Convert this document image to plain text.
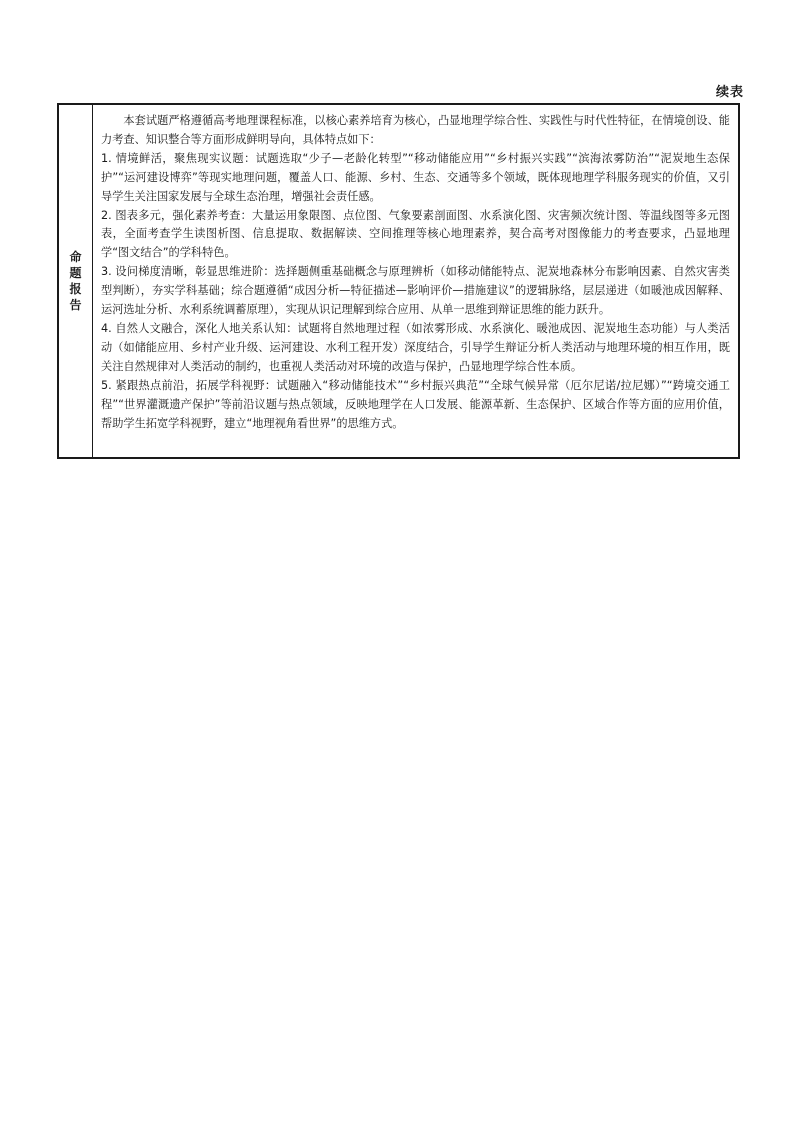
续表
命
题
报
告

本套试题严格遵循高考地理课程标准，以核心素养培育为核心，凸显地理学综合性、实践性与时代性特征，在情境创设、能力考查、知识整合等方面形成鲜明导向，具体特点如下：

1. 情境鲜活，聚焦现实议题：试题选取“少子—老龄化转型”“移动储能应用”“乡村振兴实践”“滨海浓雾防治”“泥炭地生态保护”“运河建设博弈”等现实地理问题，覆盖人口、能源、乡村、生态、交通等多个领域，既体现地理学科服务现实的价值，又引导学生关注国家发展与全球生态治理，增强社会责任感。

2. 图表多元，强化素养考查：大量运用象限图、点位图、气象要素剖面图、水系演化图、灾害频次统计图、等温线图等多元图表，全面考查学生读图析图、信息提取、数据解读、空间推理等核心地理素养，契合高考对图像能力的考查要求，凸显地理学“图文结合”的学科特色。

3. 设问梯度清晰，彰显思维进阶：选择题侧重基础概念与原理辨析（如移动储能特点、泥炭地森林分布影响因素、自然灾害类型判断），夯实学科基础；综合题遵循“成因分析—特征描述—影响评价—措施建议”的逻辑脉络，层层递进（如暖池成因解释、运河选址分析、水利系统调蓄原理），实现从识记理解到综合应用、从单一思维到辩证思维的能力跃升。

4. 自然人文融合，深化人地关系认知：试题将自然地理过程（如浓雾形成、水系演化、暖池成因、泥炭地生态功能）与人类活动（如储能应用、乡村产业升级、运河建设、水利工程开发）深度结合，引导学生辩证分析人类活动与地理环境的相互作用，既关注自然规律对人类活动的制约，也重视人类活动对环境的改造与保护，凸显地理学综合性本质。

5. 紧跟热点前沿，拓展学科视野：试题融入“移动储能技术”“乡村振兴典范”“全球气候异常（厄尔尼诺/拉尼娜）”“跨境交通工程”“世界灌溉遗产保护”等前沿议题与热点领域，反映地理学在人口发展、能源革新、生态保护、区域合作等方面的应用价值，帮助学生拓宽学科视野，建立“地理视角看世界”的思维方式。
